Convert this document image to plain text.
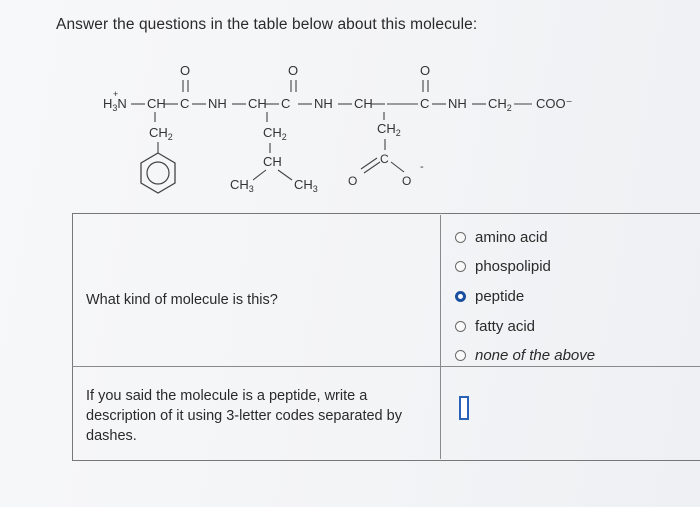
Answer the questions in the table below about this molecule:
+
$H_3N$ CH C
O
NH
$CH_2$
CH C
O
NH
$CH_2$
CH
$CH_3$	$CH_3$
CH	C
O
NH $CH_2$ COO⁻
$CH_2$
C
O	O
-
What kind of molecule is this?
amino acid
phospolipid
peptide
fatty acid
none of the above
If you said the molecule is a peptide, write a description of it using 3-letter codes separated by dashes.
